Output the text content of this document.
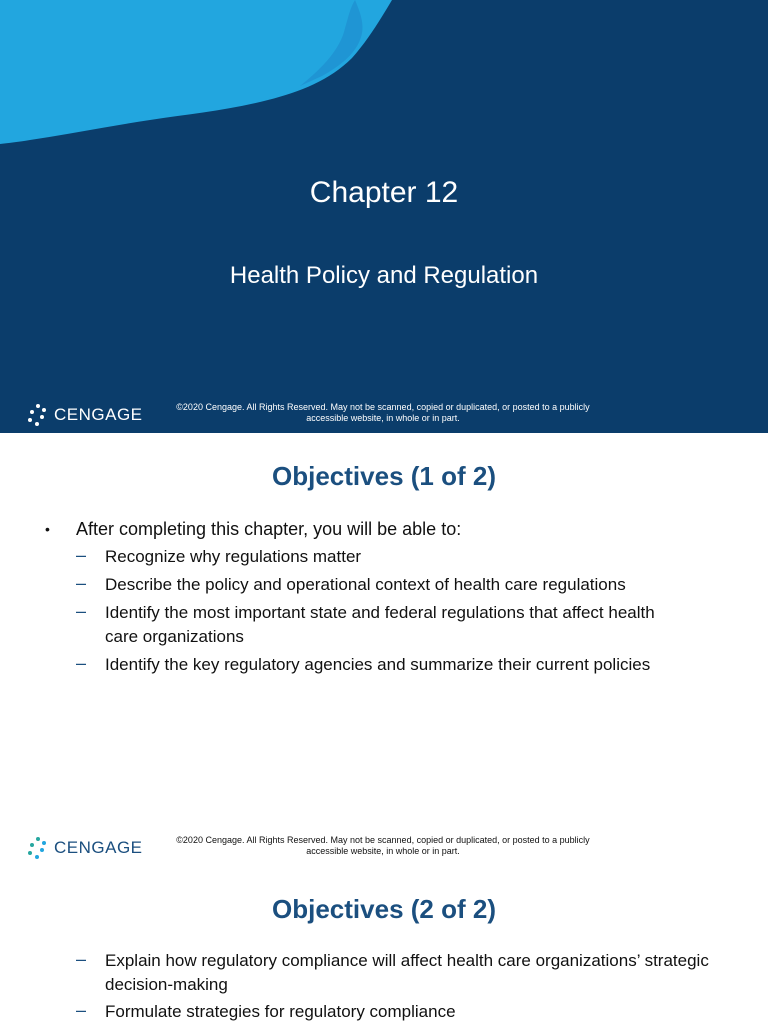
Chapter 12
Health Policy and Regulation
CENGAGE	©2020 Cengage. All Rights Reserved. May not be scanned, copied or duplicated, or posted to a publicly
accessible website, in whole or in part.
Objectives (1 of 2)
• After completing this chapter, you will be able to:
– Recognize why regulations matter
– Describe the policy and operational context of health care regulations
– Identify the most important state and federal regulations that affect health care organizations
– Identify the key regulatory agencies and summarize their current policies
CENGAGE	©2020 Cengage. All Rights Reserved. May not be scanned, copied or duplicated, or posted to a publicly
accessible website, in whole or in part.
Objectives (2 of 2)
– Explain how regulatory compliance will affect health care organizations’ strategic decision-making
– Formulate strategies for regulatory compliance
